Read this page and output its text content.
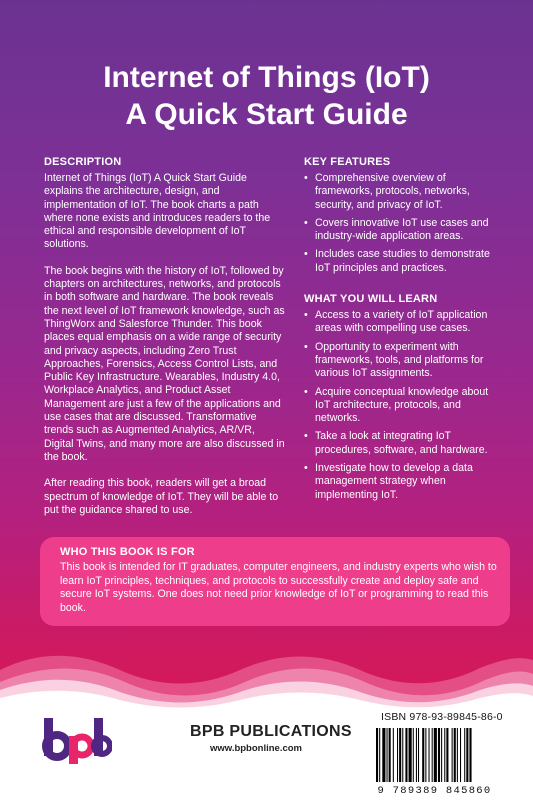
Internet of Things (IoT)
A Quick Start Guide
DESCRIPTION

Internet of Things (IoT) A Quick Start Guide explains the architecture, design, and implementation of IoT. The book charts a path where none exists and introduces readers to the ethical and responsible development of IoT solutions.

The book begins with the history of IoT, followed by chapters on architectures, networks, and protocols in both software and hardware. The book reveals the next level of IoT framework knowledge, such as ThingWorx and Salesforce Thunder. This book places equal emphasis on a wide range of security and privacy aspects, including Zero Trust Approaches, Forensics, Access Control Lists, and Public Key Infrastructure. Wearables, Industry 4.0, Workplace Analytics, and Product Asset Management are just a few of the applications and use cases that are discussed. Transformative trends such as Augmented Analytics, AR/VR, Digital Twins, and many more are also discussed in the book.

After reading this book, readers will get a broad spectrum of knowledge of IoT. They will be able to put the guidance shared to use.

KEY FEATURES
• Comprehensive overview of frameworks, protocols, networks, security, and privacy of IoT.
• Covers innovative IoT use cases and industry-wide application areas.
• Includes case studies to demonstrate IoT principles and practices.
WHAT YOU WILL LEARN
• Access to a variety of IoT application areas with compelling use cases.
• Opportunity to experiment with frameworks, tools, and platforms for various IoT assignments.
• Acquire conceptual knowledge about IoT architecture, protocols, and networks.
• Take a look at integrating IoT procedures, software, and hardware.
• Investigate how to develop a data management strategy when implementing IoT.
WHO THIS BOOK IS FOR

This book is intended for IT graduates, computer engineers, and industry experts who wish to learn IoT principles, techniques, and protocols to successfully create and deploy safe and secure IoT systems. One does not need prior knowledge of IoT or programming to read this book.

BPB PUBLICATIONS
www.bpbonline.com
ISBN 978-93-89845-86-0
9 789389 845860
